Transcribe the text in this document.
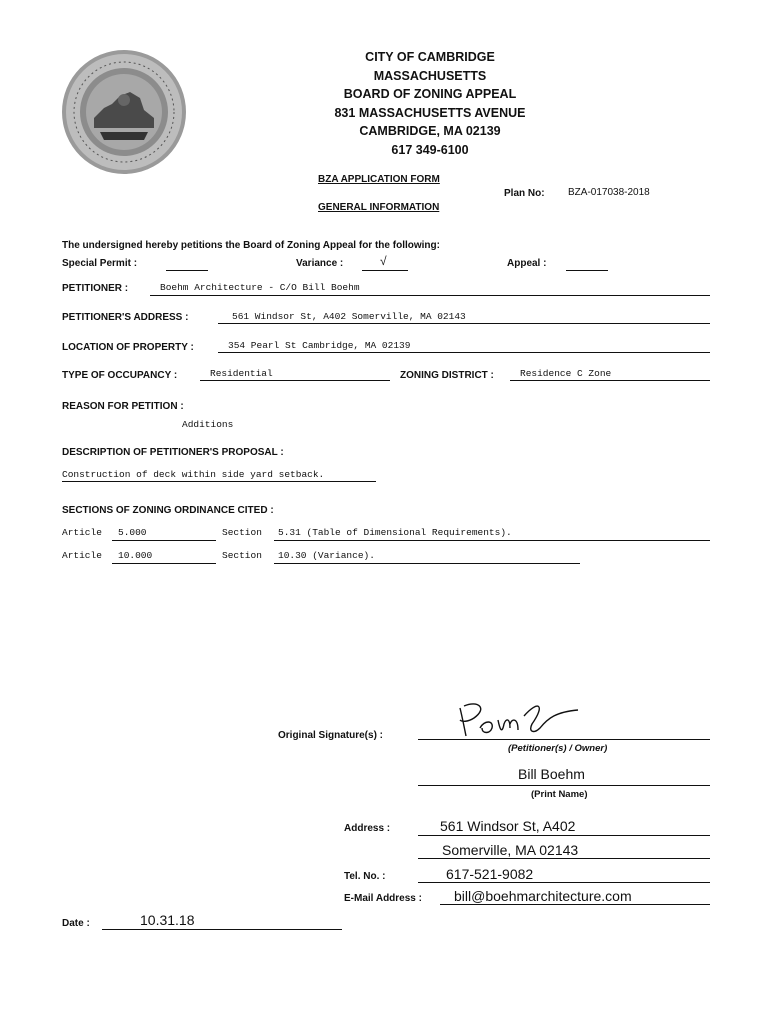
CITY OF CAMBRIDGE
MASSACHUSETTS
BOARD OF ZONING APPEAL
831 MASSACHUSETTS AVENUE
CAMBRIDGE, MA 02139
617 349-6100
BZA APPLICATION FORM
GENERAL INFORMATION
Plan No: BZA-017038-2018
The undersigned hereby petitions the Board of Zoning Appeal for the following:
Special Permit :	Variance :	√	Appeal :
PETITIONER :	Boehm Architecture - C/O Bill Boehm
PETITIONER'S ADDRESS :	561 Windsor St, A402 Somerville, MA 02143
LOCATION OF PROPERTY :	354 Pearl St Cambridge, MA 02139
TYPE OF OCCUPANCY :	Residential	ZONING DISTRICT :	Residence C Zone
REASON FOR PETITION :
Additions
DESCRIPTION OF PETITIONER'S PROPOSAL :
Construction of deck within side yard setback.
SECTIONS OF ZONING ORDINANCE CITED :
Article 5.000	Section 5.31 (Table of Dimensional Requirements).
Article 10.000	Section 10.30 (Variance).
Original Signature(s) :
(Petitioner(s) / Owner)
Bill Boehm
(Print Name)
Address :	561 Windsor St, A402
Somerville, MA 02143
Tel. No. :	617-521-9082
E-Mail Address : bill@boehmarchitecture.com
Date :	10.31.18
